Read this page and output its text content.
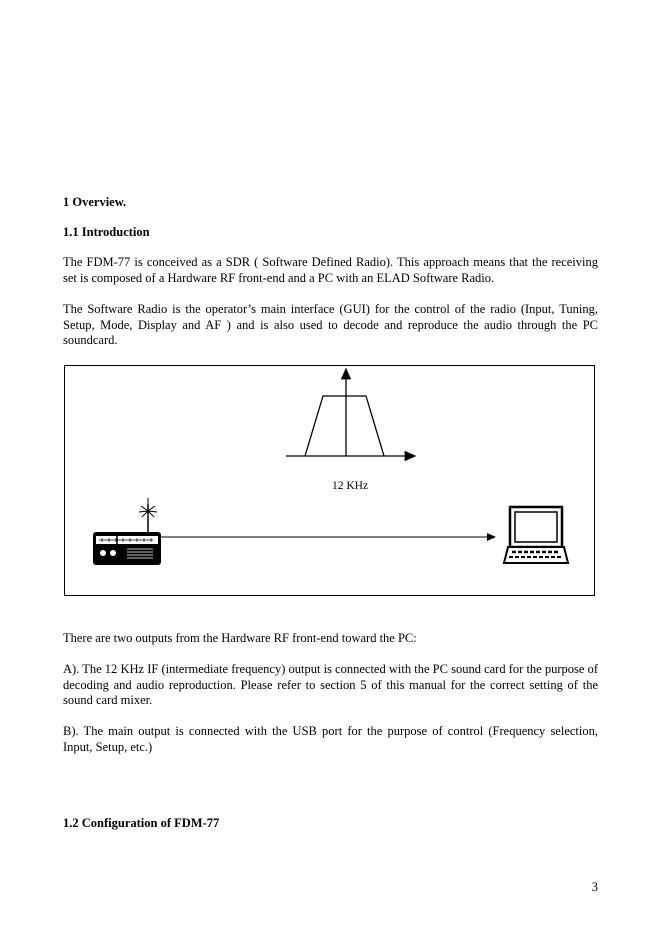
1 Overview.
1.1 Introduction
The FDM-77 is conceived as a SDR ( Software Defined Radio). This approach means that the receiving set is composed of a Hardware RF front-end and a PC with an ELAD Software Radio.
The Software Radio is the operator’s main interface (GUI) for the control of the radio (Input, Tuning, Setup, Mode, Display and AF ) and is also used to decode and reproduce the audio through the PC soundcard.
12 KHz
There are two outputs from the Hardware RF front-end toward the PC:
A). The 12 KHz IF (intermediate frequency) output is connected with the PC sound card for the purpose of decoding and audio reproduction. Please refer to section 5 of this manual for the correct setting of the sound card mixer.
B). The main output is connected with the USB port for the purpose of control (Frequency selection, Input, Setup, etc.)
1.2 Configuration of FDM-77
3
